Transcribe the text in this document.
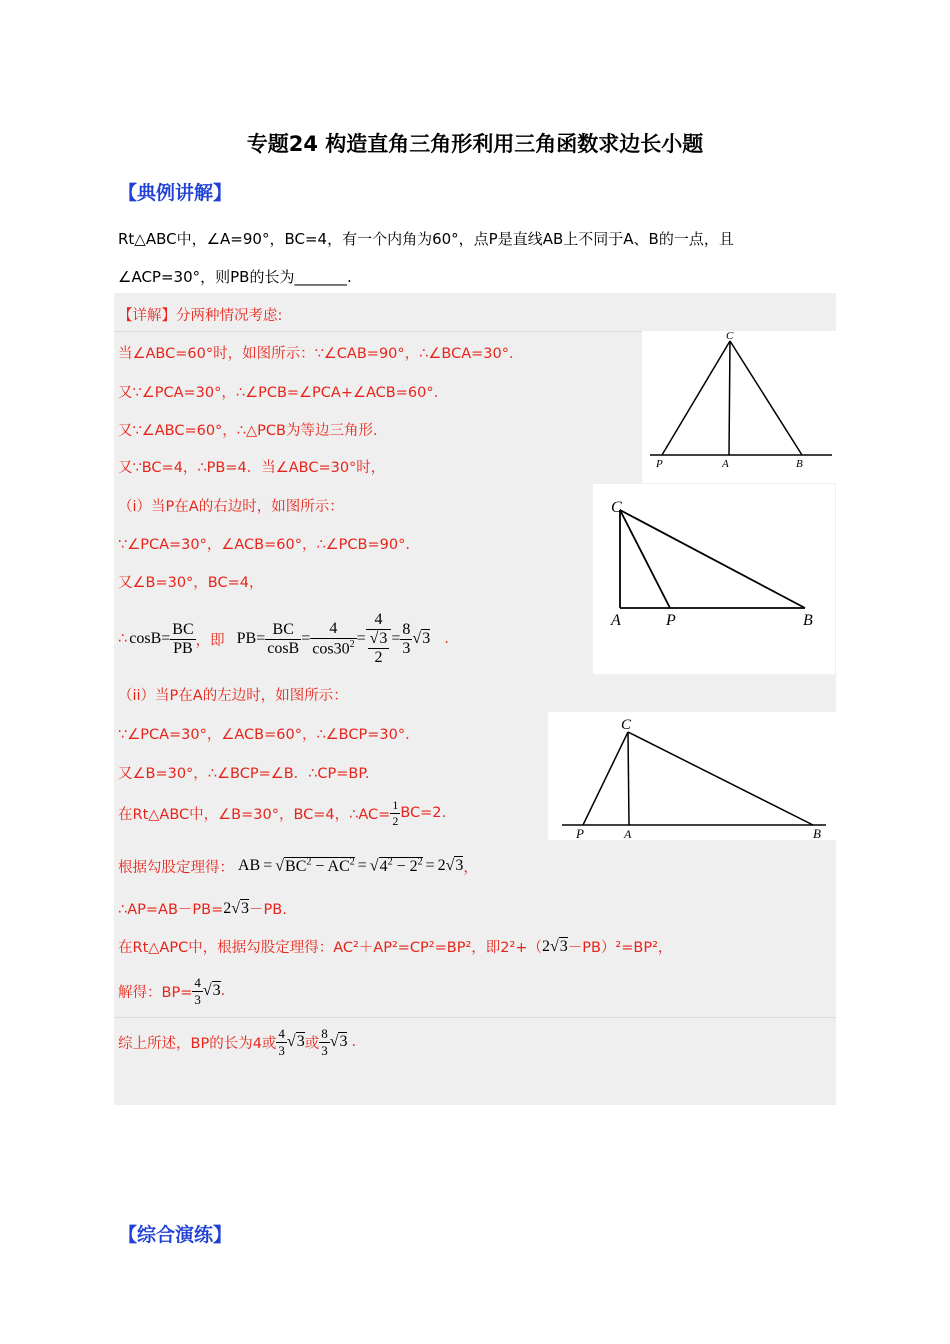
专题24 构造直角三角形利用三角函数求边长小题
【典例讲解】
Rt△ABC中，∠A=90°，BC=4，有一个内角为60°，点P是直线AB上不同于A、B的一点，且
∠ACP=30°，则PB的长为_______.
【详解】分两种情况考虑:
当∠ABC=60°时，如图所示：∵∠CAB=90°，∴∠BCA=30°.
又∵∠PCA=30°，∴∠PCB=∠PCA+∠ACB=60°.
又∵∠ABC=60°，∴△PCB为等边三角形.
又∵BC=4，∴PB=4．当∠ABC=30°时，
（i）当P在A的右边时，如图所示：
∵∠PCA=30°，∠ACB=60°，∴∠PCB=90°.
又∠B=30°，BC=4，
∴ $\cos B = \frac{BC}{PB}$ ，即 PB = $\frac{BC}{\cos B} = \frac{4}{\cos 30^2} = \frac{4}{\frac{√3}{2}} = \frac{8}{3} √3$ .
（ii）当P在A的左边时，如图所示：
∵∠PCA=30°，∠ACB=60°，∴∠BCP=30°.
又∠B=30°，∴∠BCP=∠B．∴CP=BP.
在Rt△ABC中，∠B=30°，BC=4，∴AC= $\frac{1}{2} BC=2$.
根据勾股定理得： AB = $√BC^2 - AC^2 = √4^2 - 2^2 = 2√3$ ，
∴AP=AB－PB= 2√3 －PB.
在Rt△APC中，根据勾股定理得：AC²＋AP²=CP²=BP²，即2²+（ 2√3 －PB）²=BP²，
解得：$BP= \frac{4}{3} √3$ .
综上所述，BP的长为4或 $\frac{4}{3} √3$ 或 $\frac{8}{3} √3$ .
C
P	A	B
C
A	P	B
C
P	A	B
【综合演练】
